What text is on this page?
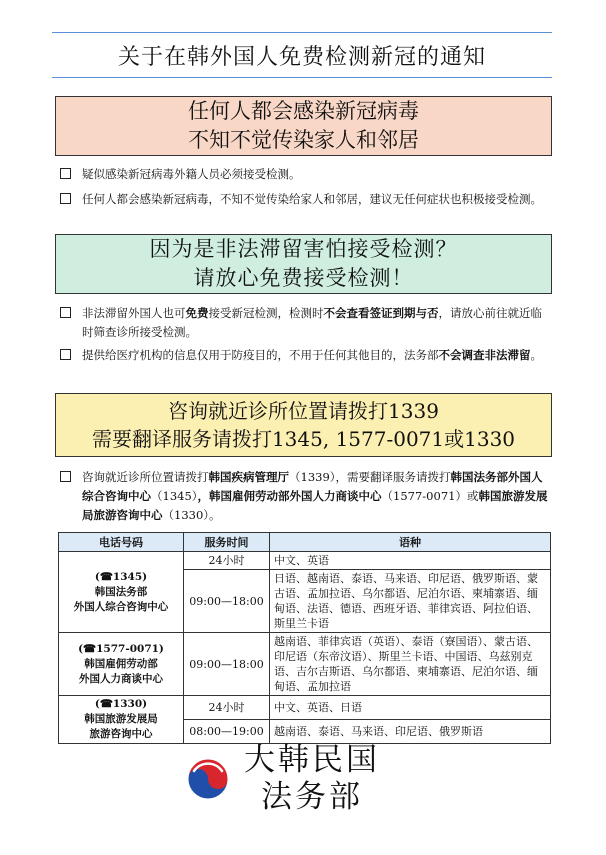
关于在韩外国人免费检测新冠的通知
任何人都会感染新冠病毒
不知不觉传染家人和邻居
疑似感染新冠病毒外籍人员必须接受检测。
任何人都会感染新冠病毒，不知不觉传染给家人和邻居，建议无任何症状也积极接受检测。
因为是非法滞留害怕接受检测？
请放心免费接受检测！
非法滞留外国人也可免费接受新冠检测，检测时不会查看签证到期与否，请放心前往就近临时筛查诊所接受检测。
提供给医疗机构的信息仅用于防疫目的，不用于任何其他目的，法务部不会调查非法滞留。
咨询就近诊所位置请拨打1339
需要翻译服务请拨打1345, 1577-0071或1330
咨询就近诊所位置请拨打韩国疾病管理厅（1339），需要翻译服务请拨打韩国法务部外国人综合咨询中心（1345），韩国雇佣劳动部外国人力商谈中心（1577-0071）或韩国旅游发展局旅游咨询中心（1330）。
电话号码	服务时间	语种

(☎1345)
韩国法务部
外国人综合咨询中心	24小时	中文、英语
	09:00—18:00	日语、越南语、泰语、马来语、印尼语、俄罗斯语、蒙古语、孟加拉语、乌尔都语、尼泊尔语、柬埔寨语、缅甸语、法语、德语、西班牙语、菲律宾语、阿拉伯语、斯里兰卡语

(☎1577-0071)
韩国雇佣劳动部
外国人力商谈中心	09:00—18:00	越南语、菲律宾语（英语）、泰语（寮国语）、蒙古语、印尼语（东帝汶语）、斯里兰卡语、中国语、乌兹别克语、吉尔吉斯语、乌尔都语、柬埔寨语、尼泊尔语、缅甸语、孟加拉语

(☎1330)
韩国旅游发展局
旅游咨询中心	24小时	中文、英语、日语
	08:00—19:00	越南语、泰语、马来语、印尼语、俄罗斯语
大韩民国
法务部
